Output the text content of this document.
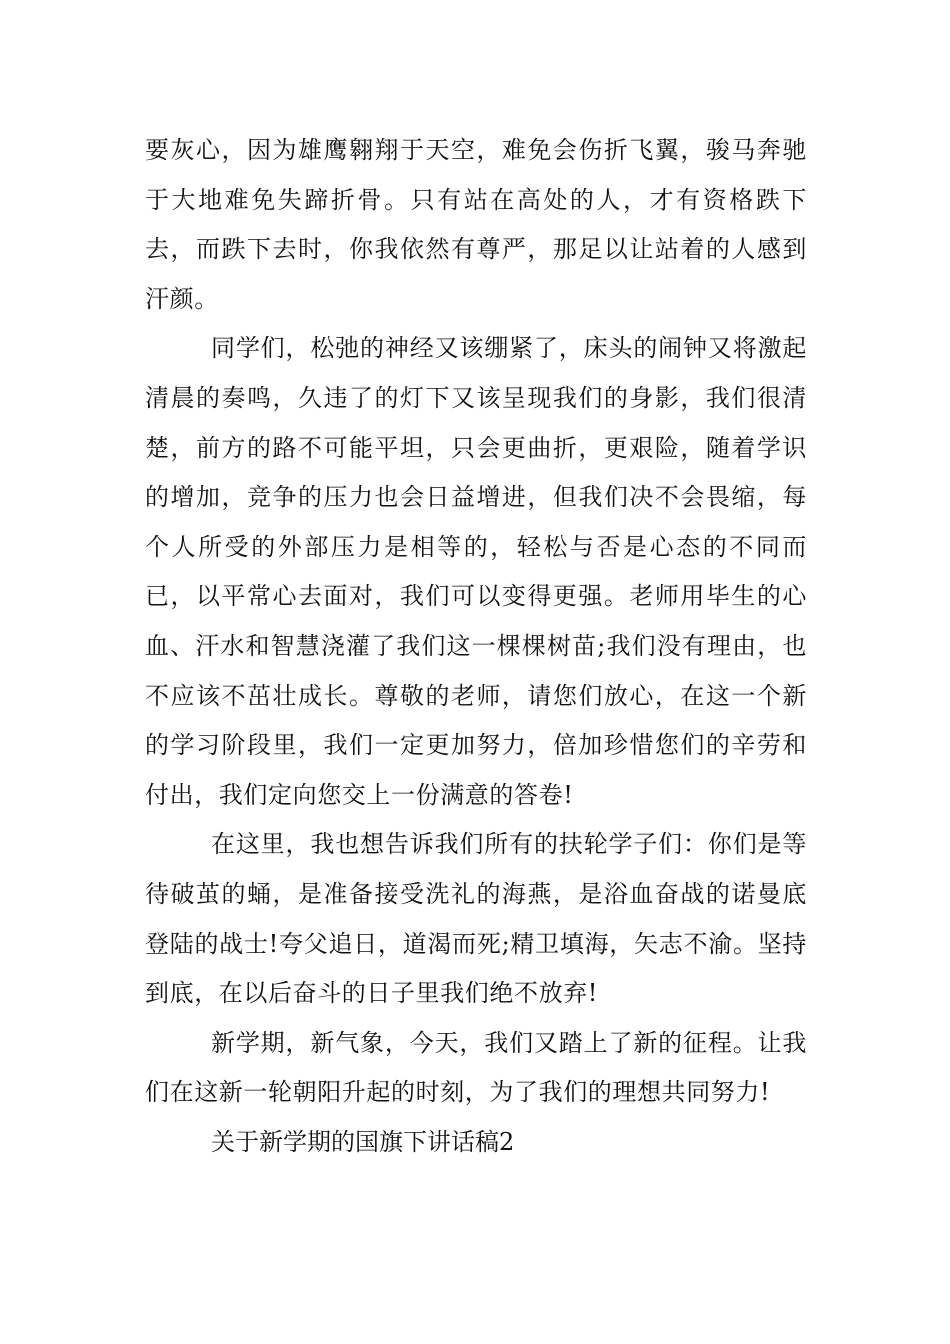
要灰心，因为雄鹰翱翔于天空，难免会伤折飞翼，骏马奔驰于大地难免失蹄折骨。只有站在高处的人，才有资格跌下去，而跌下去时，你我依然有尊严，那足以让站着的人感到汗颜。

同学们，松弛的神经又该绷紧了，床头的闹钟又将激起清晨的奏鸣，久违了的灯下又该呈现我们的身影，我们很清楚，前方的路不可能平坦，只会更曲折，更艰险，随着学识的增加，竞争的压力也会日益增进，但我们决不会畏缩，每个人所受的外部压力是相等的，轻松与否是心态的不同而已，以平常心去面对，我们可以变得更强。老师用毕生的心血、汗水和智慧浇灌了我们这一棵棵树苗;我们没有理由，也不应该不茁壮成长。尊敬的老师，请您们放心，在这一个新的学习阶段里，我们一定更加努力，倍加珍惜您们的辛劳和付出，我们定向您交上一份满意的答卷!

在这里，我也想告诉我们所有的扶轮学子们：你们是等待破茧的蛹，是准备接受洗礼的海燕，是浴血奋战的诺曼底登陆的战士!夸父追日，道渴而死;精卫填海，矢志不渝。坚持到底，在以后奋斗的日子里我们绝不放弃!

新学期，新气象，今天，我们又踏上了新的征程。让我们在这新一轮朝阳升起的时刻，为了我们的理想共同努力!

关于新学期的国旗下讲话稿2
